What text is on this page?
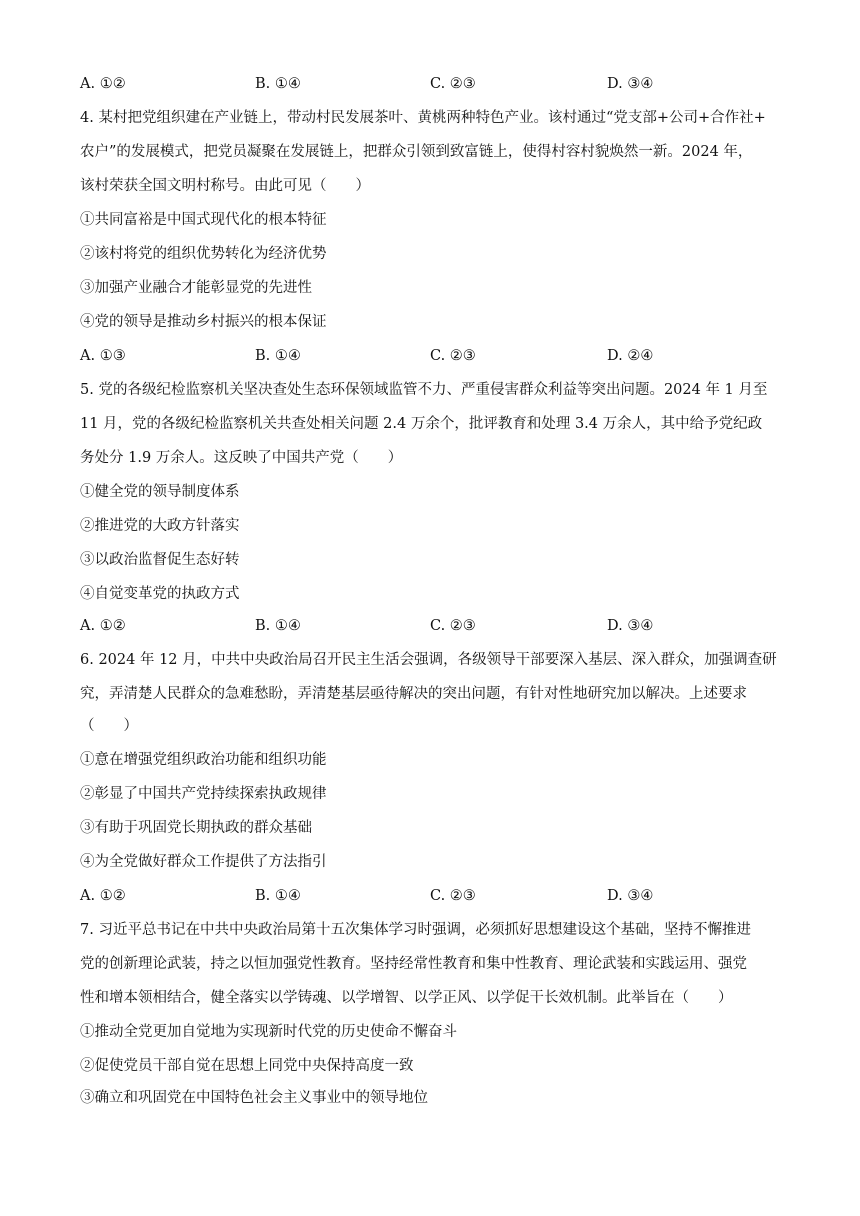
A. ①②	B. ①④	C. ②③	D. ③④
4. 某村把党组织建在产业链上，带动村民发展茶叶、黄桃两种特色产业。该村通过“党支部+公司+合作社+
农户”的发展模式，把党员凝聚在发展链上，把群众引领到致富链上，使得村容村貌焕然一新。2024 年，
该村荣获全国文明村称号。由此可见（　　）
①共同富裕是中国式现代化的根本特征
②该村将党的组织优势转化为经济优势
③加强产业融合才能彰显党的先进性
④党的领导是推动乡村振兴的根本保证
A. ①③	B. ①④	C. ②③	D. ②④
5. 党的各级纪检监察机关坚决查处生态环保领域监管不力、严重侵害群众利益等突出问题。2024 年 1 月至
11 月，党的各级纪检监察机关共查处相关问题 2.4 万余个，批评教育和处理 3.4 万余人，其中给予党纪政
务处分 1.9 万余人。这反映了中国共产党（　　）
①健全党的领导制度体系
②推进党的大政方针落实
③以政治监督促生态好转
④自觉变革党的执政方式
A. ①②	B. ①④	C. ②③	D. ③④
6. 2024 年 12 月，中共中央政治局召开民主生活会强调，各级领导干部要深入基层、深入群众，加强调查研
究，弄清楚人民群众的急难愁盼，弄清楚基层亟待解决的突出问题，有针对性地研究加以解决。上述要求
（　　）
①意在增强党组织政治功能和组织功能
②彰显了中国共产党持续探索执政规律
③有助于巩固党长期执政的群众基础
④为全党做好群众工作提供了方法指引
A. ①②	B. ①④	C. ②③	D. ③④
7. 习近平总书记在中共中央政治局第十五次集体学习时强调，必须抓好思想建设这个基础，坚持不懈推进
党的创新理论武装，持之以恒加强党性教育。坚持经常性教育和集中性教育、理论武装和实践运用、强党
性和增本领相结合，健全落实以学铸魂、以学增智、以学正风、以学促干长效机制。此举旨在（　　）
①推动全党更加自觉地为实现新时代党的历史使命不懈奋斗
②促使党员干部自觉在思想上同党中央保持高度一致
③确立和巩固党在中国特色社会主义事业中的领导地位
